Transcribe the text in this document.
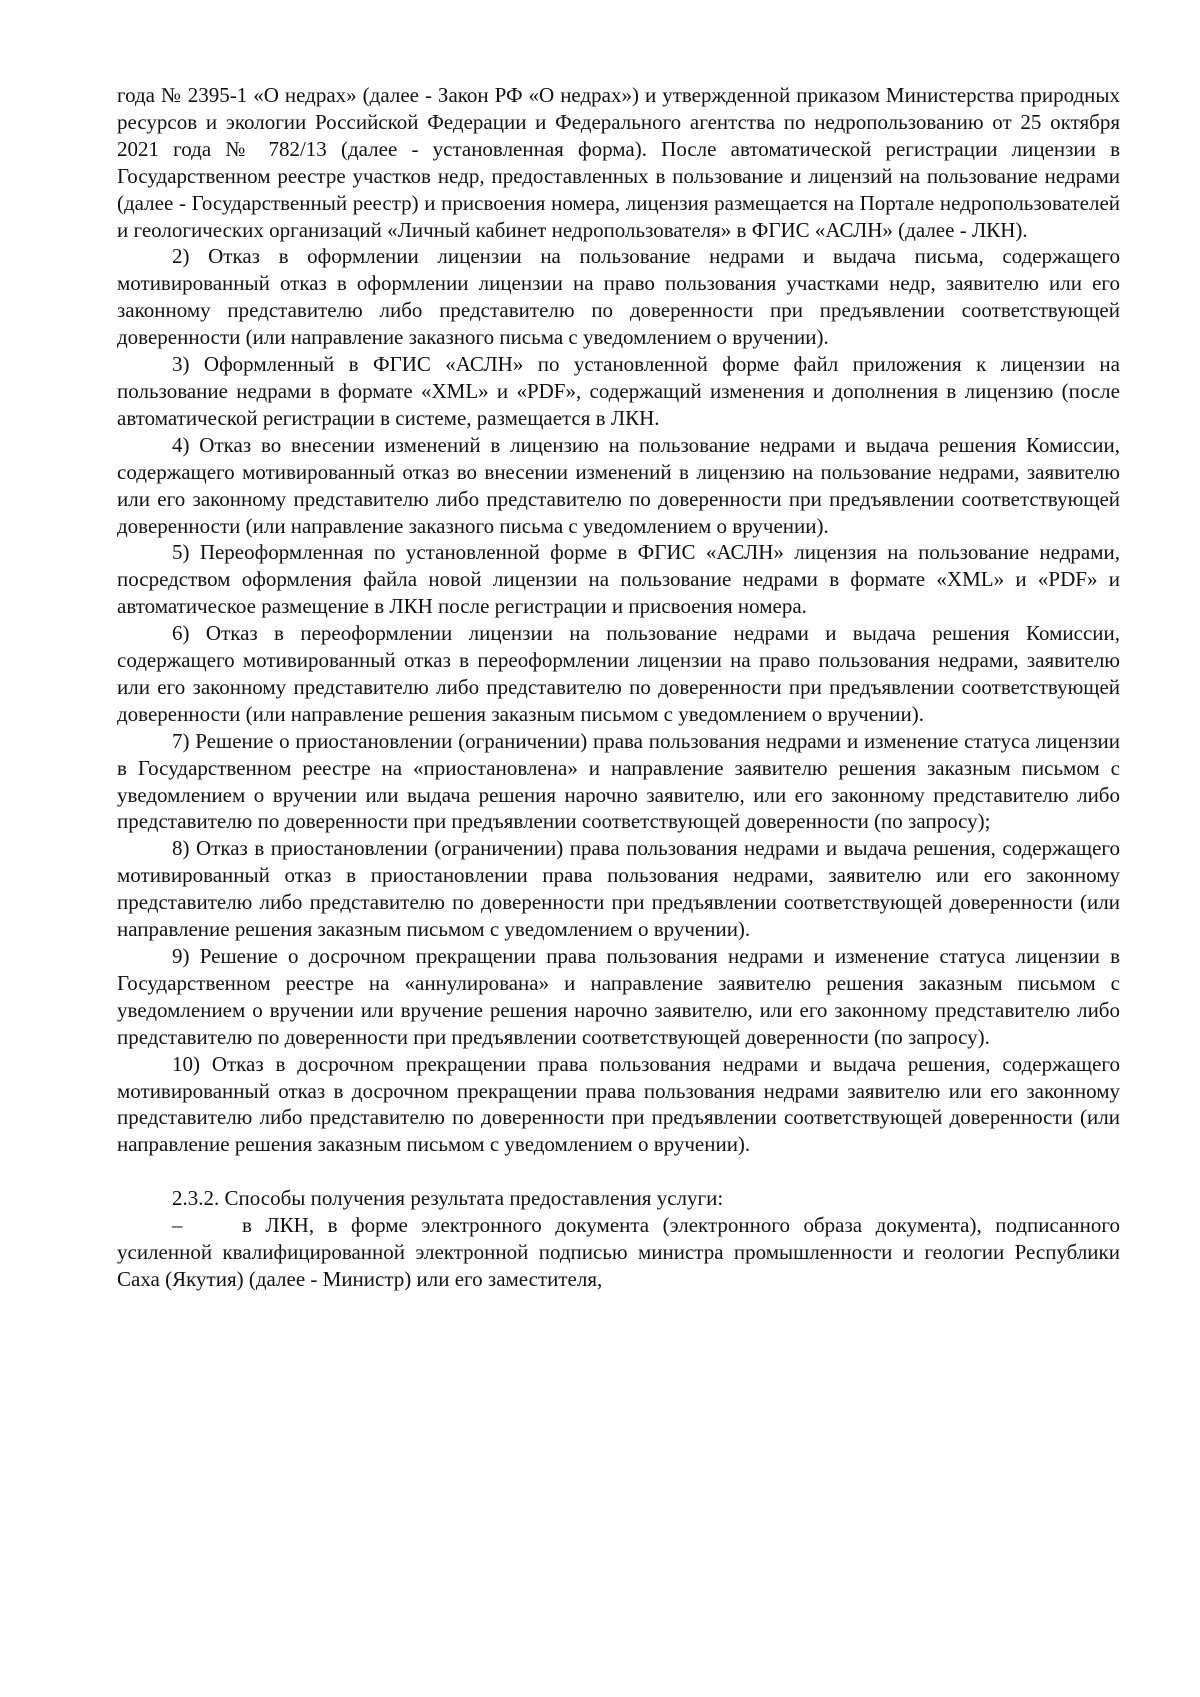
года № 2395-1 «О недрах» (далее - Закон РФ «О недрах») и утвержденной приказом Министерства природных ресурсов и экологии Российской Федерации и Федерального агентства по недропользованию от 25 октября 2021 года № 782/13 (далее - установленная форма). После автоматической регистрации лицензии в Государственном реестре участков недр, предоставленных в пользование и лицензий на пользование недрами (далее - Государственный реестр) и присвоения номера, лицензия размещается на Портале недропользователей и геологических организаций «Личный кабинет недропользователя» в ФГИС «АСЛН» (далее - ЛКН).

2) Отказ в оформлении лицензии на пользование недрами и выдача письма, содержащего мотивированный отказ в оформлении лицензии на право пользования участками недр, заявителю или его законному представителю либо представителю по доверенности при предъявлении соответствующей доверенности (или направление заказного письма с уведомлением о вручении).

3) Оформленный в ФГИС «АСЛН» по установленной форме файл приложения к лицензии на пользование недрами в формате «XML» и «PDF», содержащий изменения и дополнения в лицензию (после автоматической регистрации в системе, размещается в ЛКН.

4) Отказ во внесении изменений в лицензию на пользование недрами и выдача решения Комиссии, содержащего мотивированный отказ во внесении изменений в лицензию на пользование недрами, заявителю или его законному представителю либо представителю по доверенности при предъявлении соответствующей доверенности (или направление заказного письма с уведомлением о вручении).

5) Переоформленная по установленной форме в ФГИС «АСЛН» лицензия на пользование недрами, посредством оформления файла новой лицензии на пользование недрами в формате «XML» и «PDF» и автоматическое размещение в ЛКН после регистрации и присвоения номера.

6) Отказ в переоформлении лицензии на пользование недрами и выдача решения Комиссии, содержащего мотивированный отказ в переоформлении лицензии на право пользования недрами, заявителю или его законному представителю либо представителю по доверенности при предъявлении соответствующей доверенности (или направление решения заказным письмом с уведомлением о вручении).

7) Решение о приостановлении (ограничении) права пользования недрами и изменение статуса лицензии в Государственном реестре на «приостановлена» и направление заявителю решения заказным письмом с уведомлением о вручении или выдача решения нарочно заявителю, или его законному представителю либо представителю по доверенности при предъявлении соответствующей доверенности (по запросу);

8) Отказ в приостановлении (ограничении) права пользования недрами и выдача решения, содержащего мотивированный отказ в приостановлении права пользования недрами, заявителю или его законному представителю либо представителю по доверенности при предъявлении соответствующей доверенности (или направление решения заказным письмом с уведомлением о вручении).

9) Решение о досрочном прекращении права пользования недрами и изменение статуса лицензии в Государственном реестре на «аннулирована» и направление заявителю решения заказным письмом с уведомлением о вручении или вручение решения нарочно заявителю, или его законному представителю либо представителю по доверенности при предъявлении соответствующей доверенности (по запросу).

10) Отказ в досрочном прекращении права пользования недрами и выдача решения, содержащего мотивированный отказ в досрочном прекращении права пользования недрами заявителю или его законному представителю либо представителю по доверенности при предъявлении соответствующей доверенности (или направление решения заказным письмом с уведомлением о вручении).

2.3.2. Способы получения результата предоставления услуги:

–	в ЛКН, в форме электронного документа (электронного образа документа), подписанного усиленной квалифицированной электронной подписью министра промышленности и геологии Республики Саха (Якутия) (далее - Министр) или его заместителя,
